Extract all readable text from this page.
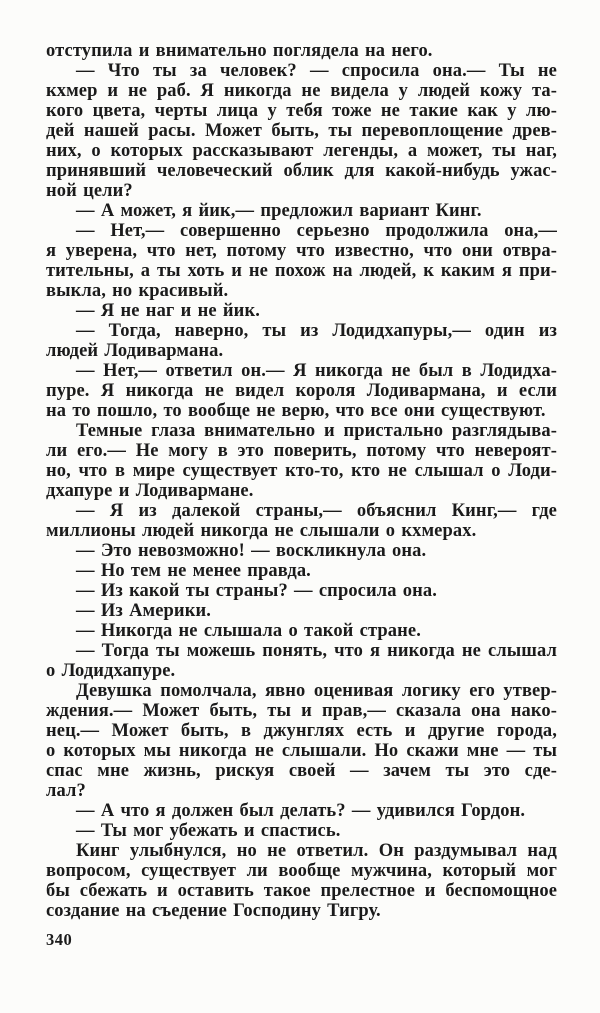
отступила и внимательно поглядела на него.
— Что ты за человек? — спросила она.— Ты не
кхмер и не раб. Я никогда не видела у людей кожу та-
кого цвета, черты лица у тебя тоже не такие как у лю-
дей нашей расы. Может быть, ты перевоплощение древ-
них, о которых рассказывают легенды, а может, ты наг,
принявший человеческий облик для какой-нибудь ужас-
ной цели?
— А может, я йик,— предложил вариант Кинг.
— Нет,— совершенно серьезно продолжила она,—
я уверена, что нет, потому что известно, что они отвра-
тительны, а ты хоть и не похож на людей, к каким я при-
выкла, но красивый.
— Я не наг и не йик.
— Тогда, наверно, ты из Лодидхапуры,— один из
людей Лодивармана.
— Нет,— ответил он.— Я никогда не был в Лодидха-
пуре. Я никогда не видел короля Лодивармана, и если
на то пошло, то вообще не верю, что все они существуют.
Темные глаза внимательно и пристально разглядыва-
ли его.— Не могу в это поверить, потому что невероят-
но, что в мире существует кто-то, кто не слышал о Лоди-
дхапуре и Лодивармане.
— Я из далекой страны,— объяснил Кинг,— где
миллионы людей никогда не слышали о кхмерах.
— Это невозможно! — воскликнула она.
— Но тем не менее правда.
— Из какой ты страны? — спросила она.
— Из Америки.
— Никогда не слышала о такой стране.
— Тогда ты можешь понять, что я никогда не слышал
о Лодидхапуре.
Девушка помолчала, явно оценивая логику его утвер-
ждения.— Может быть, ты и прав,— сказала она нако-
нец.— Может быть, в джунглях есть и другие города,
о которых мы никогда не слышали. Но скажи мне — ты
спас мне жизнь, рискуя своей — зачем ты это сде-
лал?
— А что я должен был делать? — удивился Гордон.
— Ты мог убежать и спастись.
Кинг улыбнулся, но не ответил. Он раздумывал над
вопросом, существует ли вообще мужчина, который мог
бы сбежать и оставить такое прелестное и беспомощное
создание на съедение Господину Тигру.
340
